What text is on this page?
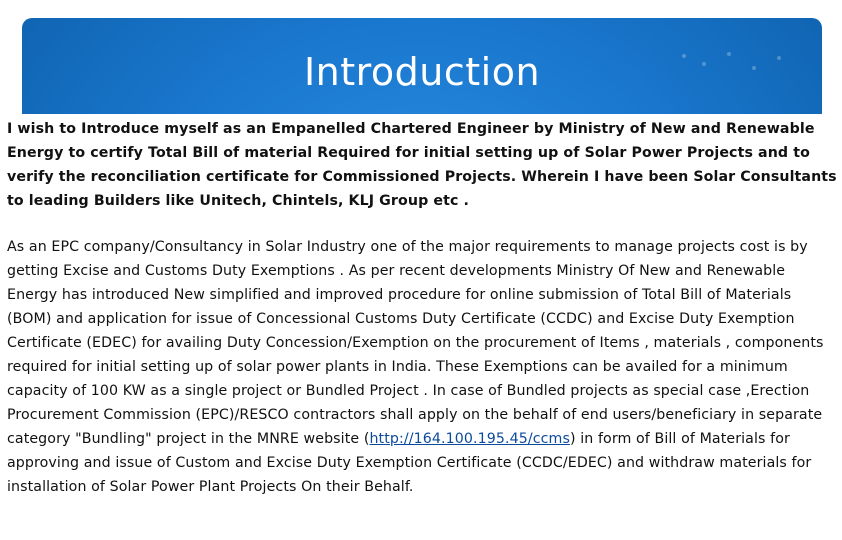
Introduction

I wish to Introduce myself as an Empanelled Chartered Engineer by Ministry of New and Renewable Energy to certify Total Bill of material Required for initial setting up of Solar Power Projects and to verify the reconciliation certificate for Commissioned Projects. Wherein I have been Solar Consultants to leading Builders like Unitech, Chintels, KLJ Group etc .

As an EPC company/Consultancy in Solar Industry one of the major requirements to manage projects cost is by getting Excise and Customs Duty Exemptions . As per recent developments Ministry Of New and Renewable Energy has introduced New simplified and improved procedure for online submission of Total Bill of Materials (BOM) and application for issue of Concessional Customs Duty Certificate (CCDC) and Excise Duty Exemption Certificate (EDEC) for availing Duty Concession/Exemption on the procurement of Items , materials , components required for initial setting up of solar power plants in India. These Exemptions can be availed for a minimum capacity of 100 KW as a single project or Bundled Project . In case of Bundled projects as special case ,Erection Procurement Commission (EPC)/RESCO contractors shall apply on the behalf of end users/beneficiary in separate category "Bundling" project in the MNRE website (http://164.100.195.45/ccms) in form of Bill of Materials for approving and issue of Custom and Excise Duty Exemption Certificate (CCDC/EDEC) and withdraw materials for installation of Solar Power Plant Projects On their Behalf.
